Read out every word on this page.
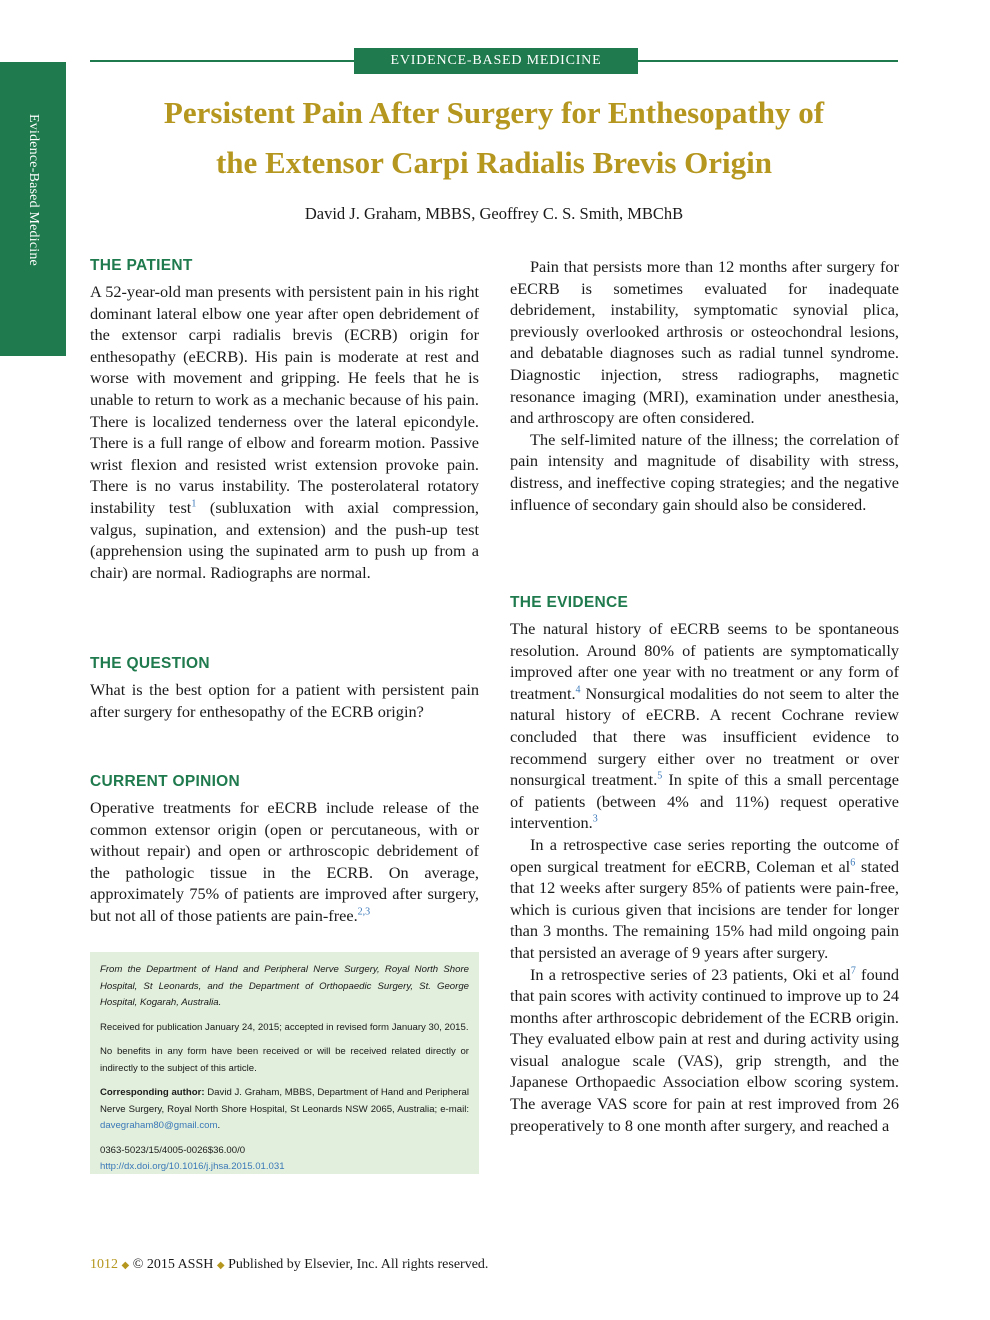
Evidence-Based Medicine
EVIDENCE-BASED MEDICINE
Persistent Pain After Surgery for Enthesopathy of
the Extensor Carpi Radialis Brevis Origin
David J. Graham, MBBS, Geoffrey C. S. Smith, MBChB
THE PATIENT

A 52-year-old man presents with persistent pain in his right dominant lateral elbow one year after open debridement of the extensor carpi radialis brevis (ECRB) origin for enthesopathy (eECRB). His pain is moderate at rest and worse with movement and gripping. He feels that he is unable to return to work as a mechanic because of his pain. There is localized tenderness over the lateral epicondyle. There is a full range of elbow and forearm motion. Passive wrist flexion and resisted wrist extension provoke pain. There is no varus instability. The posterolateral rotatory instability test$^1$ (subluxation with axial compression, valgus, supination, and extension) and the push-up test (apprehension using the supinated arm to push up from a chair) are normal. Radiographs are normal.

THE QUESTION

What is the best option for a patient with persistent pain after surgery for enthesopathy of the ECRB origin?

CURRENT OPINION

Operative treatments for eECRB include release of the common extensor origin (open or percutaneous, with or without repair) and open or arthroscopic debridement of the pathologic tissue in the ECRB. On average, approximately 75% of patients are improved after surgery, but not all of those patients are pain-free.$^{2,3}$

From the Department of Hand and Peripheral Nerve Surgery, Royal North Shore Hospital, St Leonards, and the Department of Orthopaedic Surgery, St. George Hospital, Kogarah, Australia.

Received for publication January 24, 2015; accepted in revised form January 30, 2015.

No benefits in any form have been received or will be received related directly or indirectly to the subject of this article.

Corresponding author: David J. Graham, MBBS, Department of Hand and Peripheral Nerve Surgery, Royal North Shore Hospital, St Leonards NSW 2065, Australia; e-mail: davegraham80@gmail.com.

0363-5023/15/4005-0026$36.00/0

http://dx.doi.org/10.1016/j.jhsa.2015.01.031

Pain that persists more than 12 months after surgery for eECRB is sometimes evaluated for inadequate debridement, instability, symptomatic synovial plica, previously overlooked arthrosis or osteochondral lesions, and debatable diagnoses such as radial tunnel syndrome. Diagnostic injection, stress radiographs, magnetic resonance imaging (MRI), examination under anesthesia, and arthroscopy are often considered.

The self-limited nature of the illness; the correlation of pain intensity and magnitude of disability with stress, distress, and ineffective coping strategies; and the negative influence of secondary gain should also be considered.

THE EVIDENCE

The natural history of eECRB seems to be spontaneous resolution. Around 80% of patients are symptomatically improved after one year with no treatment or any form of treatment.$^4$ Nonsurgical modalities do not seem to alter the natural history of eECRB. A recent Cochrane review concluded that there was insufficient evidence to recommend surgery either over no treatment or over nonsurgical treatment.$^5$ In spite of this a small percentage of patients (between 4% and 11%) request operative intervention.$^3$

In a retrospective case series reporting the outcome of open surgical treatment for eECRB, Coleman et al$^6$ stated that 12 weeks after surgery 85% of patients were pain-free, which is curious given that incisions are tender for longer than 3 months. The remaining 15% had mild ongoing pain that persisted an average of 9 years after surgery.

In a retrospective series of 23 patients, Oki et al$^7$ found that pain scores with activity continued to improve up to 24 months after arthroscopic debridement of the ECRB origin. They evaluated elbow pain at rest and during activity using visual analogue scale (VAS), grip strength, and the Japanese Orthopaedic Association elbow scoring system. The average VAS score for pain at rest improved from 26 preoperatively to 8 one month after surgery, and reached a

1012 ◆ © 2015 ASSH ◆ Published by Elsevier, Inc. All rights reserved.
